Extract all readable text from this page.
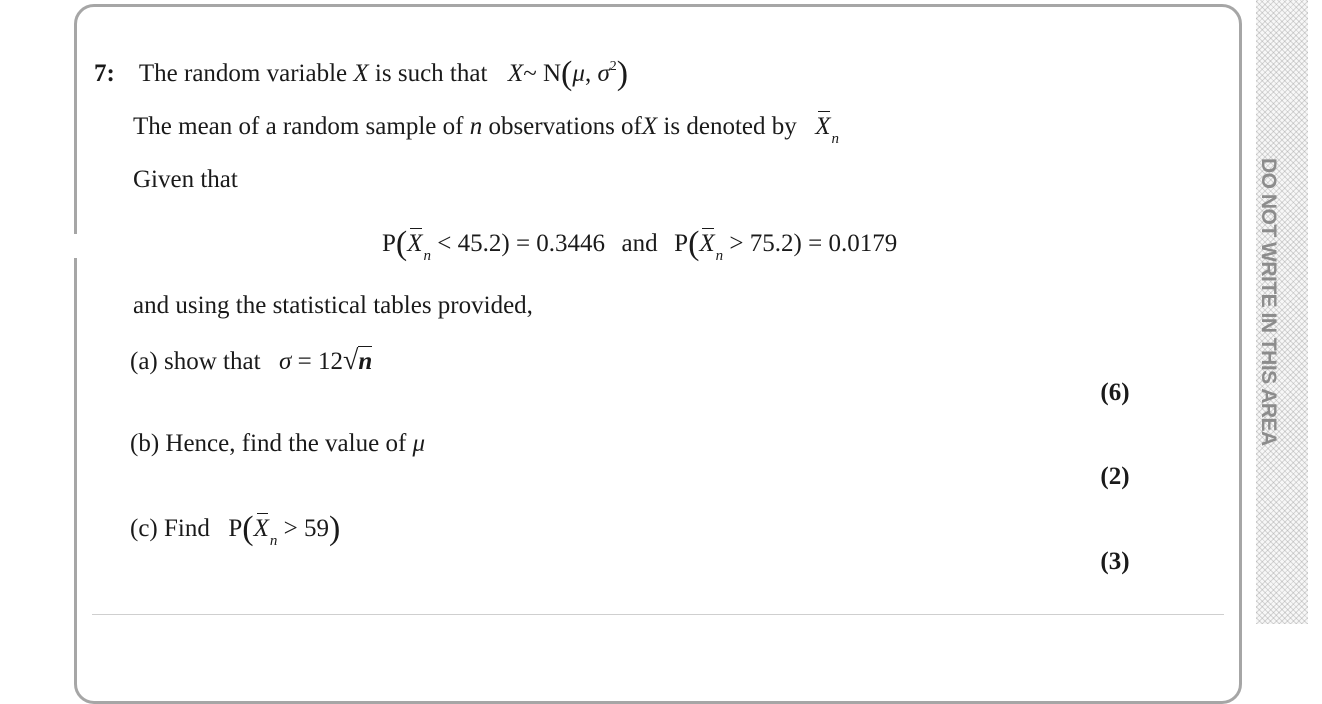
DO NOT WRITE IN THIS AREA
7: The random variable X is such that X~ N(μ, $\sigma^2$)
The mean of a random sample of n observations ofX is denoted by $X_n$
Given that
$P(X_n < 45.2) = 0.3446$ and $P(X_n > 75.2) = 0.0179$
and using the statistical tables provided,
(a) show that σ = 12√n
(6)
(b) Hence, find the value of μ
(2)
(c) Find $P(X_n > 59)$
(3)
